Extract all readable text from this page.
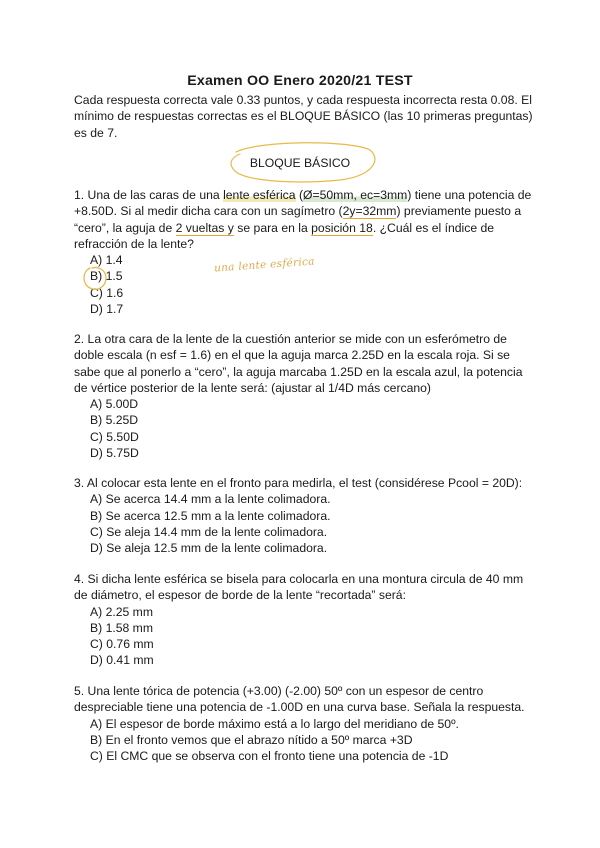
Examen OO Enero 2020/21 TEST
Cada respuesta correcta vale 0.33 puntos, y cada respuesta incorrecta resta 0.08. El mínimo de respuestas correctas es el BLOQUE BÁSICO (las 10 primeras preguntas) es de 7.
BLOQUE BÁSICO
1. Una de las caras de una lente esférica (Ø=50mm, ec=3mm) tiene una potencia de +8.50D. Si al medir dicha cara con un sagímetro (2y=32mm) previamente puesto a “cero”, la aguja de 2 vueltas y se para en la posición 18. ¿Cuál es el índice de refracción de la lente?
A) 1.4
B) 1.5
C) 1.6
D) 1.7
2. La otra cara de la lente de la cuestión anterior se mide con un esferómetro de doble escala (n esf = 1.6) en el que la aguja marca 2.25D en la escala roja. Si se sabe que al ponerlo a “cero”, la aguja marcaba 1.25D en la escala azul, la potencia de vértice posterior de la lente será: (ajustar al 1/4D más cercano)
A) 5.00D
B) 5.25D
C) 5.50D
D) 5.75D
3. Al colocar esta lente en el fronto para medirla, el test (considérese Pcool = 20D):
A) Se acerca 14.4 mm a la lente colimadora.
B) Se acerca 12.5 mm a la lente colimadora.
C) Se aleja 14.4 mm de la lente colimadora.
D) Se aleja 12.5 mm de la lente colimadora.
4. Si dicha lente esférica se bisela para colocarla en una montura circula de 40 mm de diámetro, el espesor de borde de la lente “recortada” será:
A) 2.25 mm
B) 1.58 mm
C) 0.76 mm
D) 0.41 mm
5. Una lente tórica de potencia (+3.00) (-2.00) 50º con un espesor de centro despreciable tiene una potencia de -1.00D en una curva base. Señala la respuesta.
A) El espesor de borde máximo está a lo largo del meridiano de 50º.
B) En el fronto vemos que el abrazo nítido a 50º marca +3D
C) El CMC que se observa con el fronto tiene una potencia de -1D
una lente esférica
